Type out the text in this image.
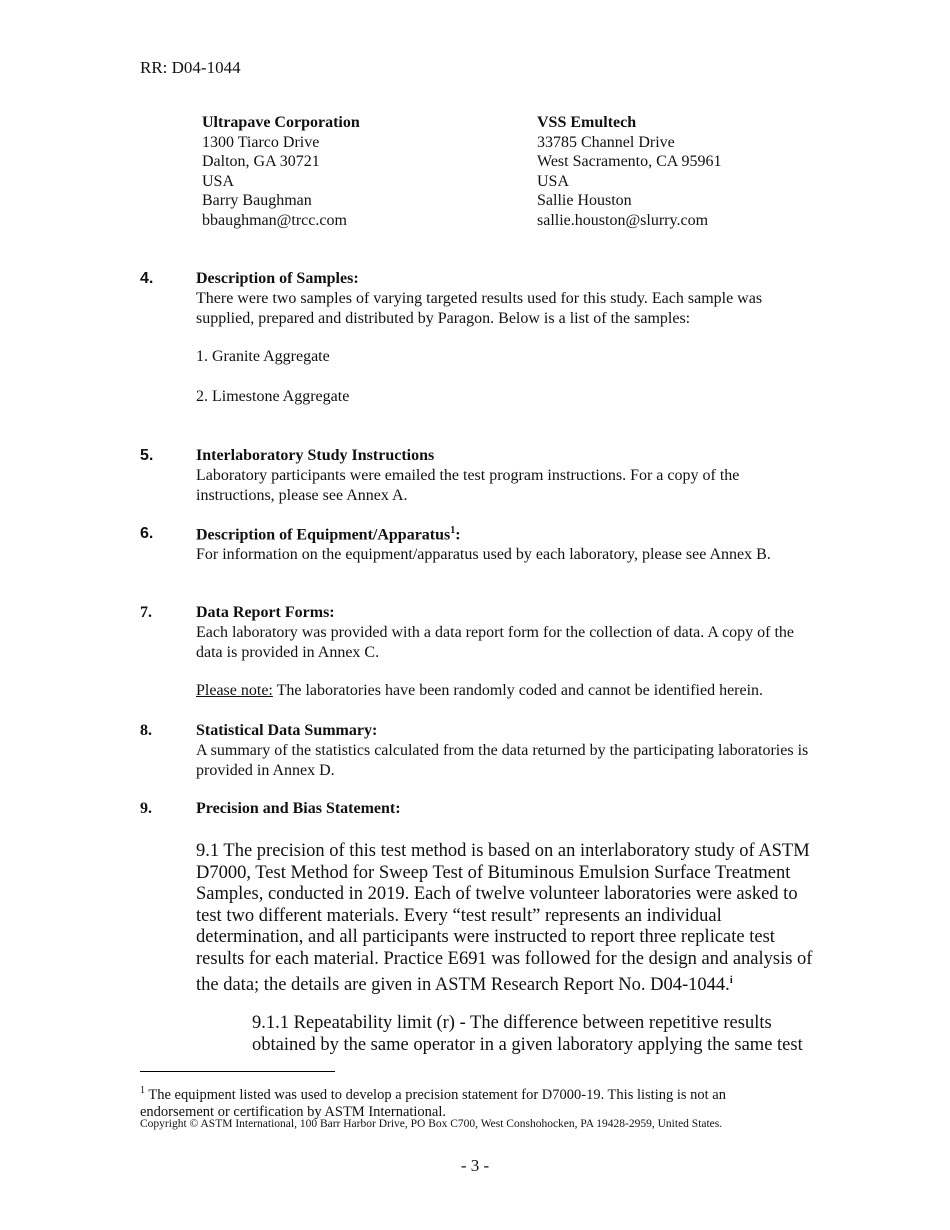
RR: D04-1044
Ultrapave Corporation
1300 Tiarco Drive
Dalton, GA 30721
USA
Barry Baughman
bbaughman@trcc.com
VSS Emultech
33785 Channel Drive
West Sacramento, CA 95961
USA
Sallie Houston
sallie.houston@slurry.com
4.	Description of Samples:
There were two samples of varying targeted results used for this study. Each sample was supplied, prepared and distributed by Paragon. Below is a list of the samples:
1. Granite Aggregate
2. Limestone Aggregate
5.	Interlaboratory Study Instructions
Laboratory participants were emailed the test program instructions. For a copy of the instructions, please see Annex A.
6.	Description of Equipment/Apparatus$^1$:
For information on the equipment/apparatus used by each laboratory, please see Annex B.
7.	Data Report Forms:
Each laboratory was provided with a data report form for the collection of data. A copy of the data is provided in Annex C.
Please note: The laboratories have been randomly coded and cannot be identified herein.
8.	Statistical Data Summary:
A summary of the statistics calculated from the data returned by the participating laboratories is provided in Annex D.
9.	Precision and Bias Statement:
9.1 The precision of this test method is based on an interlaboratory study of ASTM D7000, Test Method for Sweep Test of Bituminous Emulsion Surface Treatment Samples, conducted in 2019. Each of twelve volunteer laboratories were asked to test two different materials. Every “test result” represents an individual determination, and all participants were instructed to report three replicate test results for each material. Practice E691 was followed for the design and analysis of the data; the details are given in ASTM Research Report No. D04-1044.$^i$
9.1.1 Repeatability limit (r) - The difference between repetitive results obtained by the same operator in a given laboratory applying the same test
$^1$ The equipment listed was used to develop a precision statement for D7000-19. This listing is not an endorsement or certification by ASTM International.
Copyright © ASTM International, 100 Barr Harbor Drive, PO Box C700, West Conshohocken, PA 19428-2959, United States.
- 3 -
